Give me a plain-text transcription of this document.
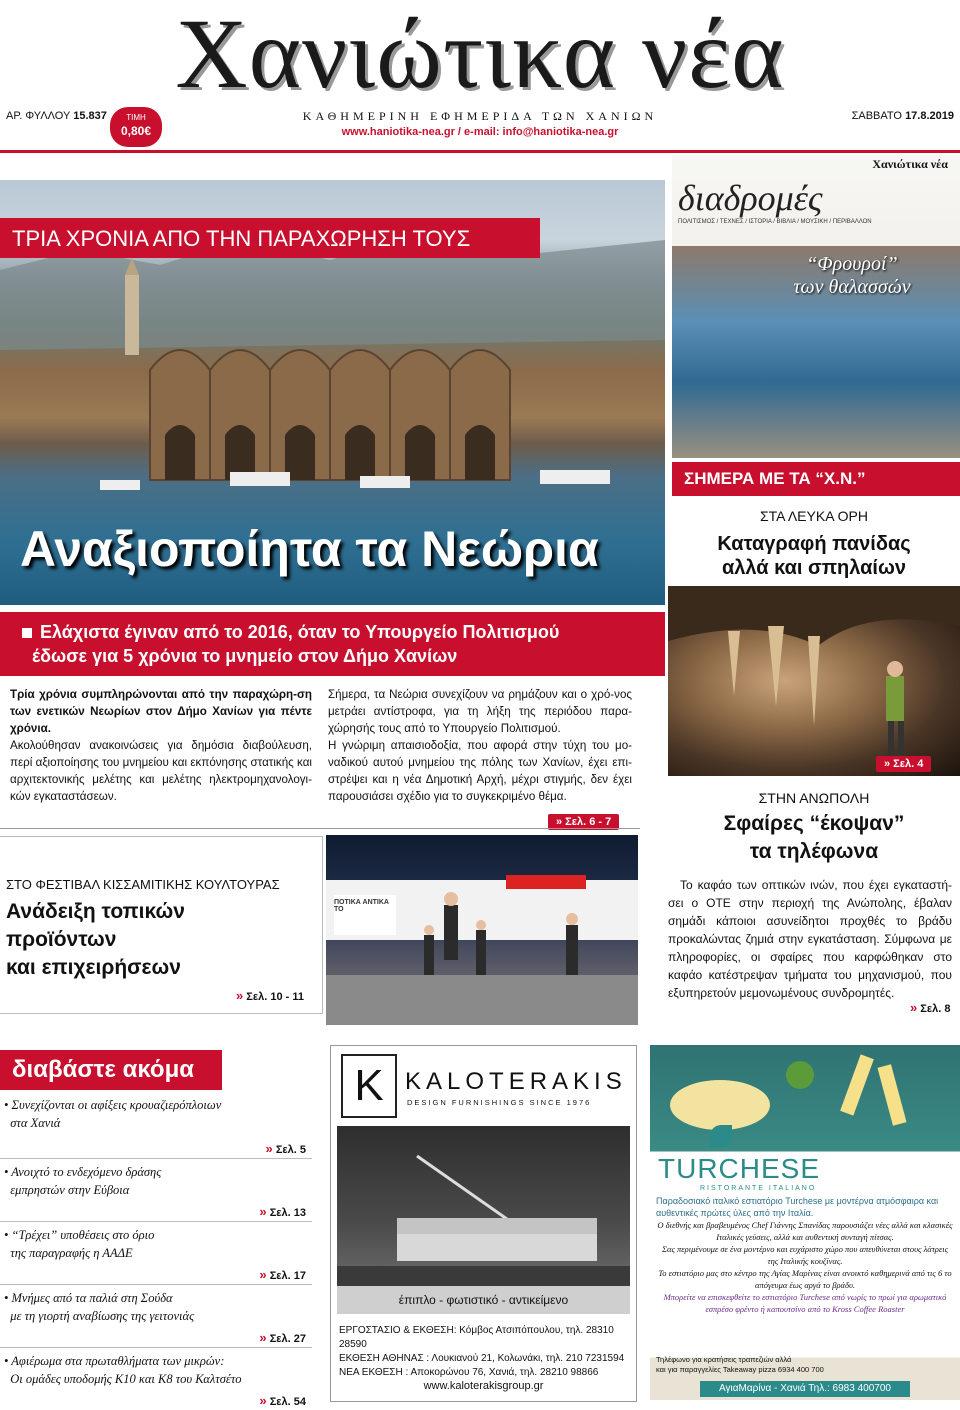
Χανιώτικα νέα
ΑΡ. ΦΥΛΛΟΥ 15.837	ΤΙΜΗ
0,80€
ΚΑΘΗΜΕΡΙΝΗ ΕΦΗΜΕΡΙΔΑ ΤΩΝ ΧΑΝΙΩΝ
www.haniotika-nea.gr / e-mail: info@haniotika-nea.gr
ΣΑΒΒΑΤΟ 17.8.2019
ΤΡΙΑ ΧΡΟΝΙΑ ΑΠΟ ΤΗΝ ΠΑΡΑΧΩΡΗΣΗ ΤΟΥΣ
Αναξιοποίητα τα Νεώρια
Ελάχιστα έγιναν από το 2016, όταν το Υπουργείο Πολιτισμού
έδωσε για 5 χρόνια το μνημείο στον Δήμο Χανίων
Τρία χρόνια συμπληρώνονται από την παραχώρη-ση των ενετικών Νεωρίων στον Δήμο Χανίων για πέντε χρόνια.
Ακολούθησαν ανακοινώσεις για δημόσια διαβούλευση, περί αξιοποίησης του μνημείου και εκπόνησης στατικής και αρχιτεκτονικής μελέτης και μελέτης ηλεκτρομηχανολογι-κών εγκαταστάσεων.
Σήμερα, τα Νεώρια συνεχίζουν να ρημάζουν και ο χρό-νος μετράει αντίστροφα, για τη λήξη της περιόδου παρα-χώρησής τους από το Υπουργείο Πολιτισμού.
Η γνώριμη απαισιοδοξία, που αφορά στην τύχη του μο-ναδικού αυτού μνημείου της πόλης των Χανίων, έχει επι-στρέψει και η νέα Δημοτική Αρχή, μέχρι στιγμής, δεν έχει παρουσιάσει σχέδιο για το συγκεκριμένο θέμα.
» Σελ. 6 - 7
Χανιώτικα νέα
διαδρομές
ΠΟΛΙΤΙΣΜΟΣ / ΤΕΧΝΕΣ / ΙΣΤΟΡΙΑ / ΒΙΒΛΙΑ / ΜΟΥΣΙΚΗ / ΠΕΡΙΒΑΛΛΟΝ
“Φρουροί”
των θαλασσών
ΣΗΜΕΡΑ ΜΕ ΤΑ “Χ.Ν.”
ΣΤΑ ΛΕΥΚΑ ΟΡΗ
Καταγραφή πανίδας
αλλά και σπηλαίων
» Σελ. 4
ΣΤΗΝ ΑΝΩΠΟΛΗ
Σφαίρες “έκοψαν”
τα τηλέφωνα
Το καφάο των οπτικών ινών, που έχει εγκαταστή-σει ο ΟΤΕ στην περιοχή της Ανώπολης, έβαλαν σημάδι κάποιοι ασυνείδητοι προχθές το βράδυ προκαλώντας ζημιά στην εγκατάσταση. Σύμφωνα με πληροφορίες, οι σφαίρες που καρφώθηκαν στο καφάο κατέστρεψαν τμήματα του μηχανισμού, που εξυπηρετούν μεμονωμένους συνδρομητές.
» Σελ. 8
ΣΤΟ ΦΕΣΤΙΒΑΛ ΚΙΣΣΑΜΙΤΙΚΗΣ ΚΟΥΛΤΟΥΡΑΣ
Ανάδειξη τοπικών
προϊόντων
και επιχειρήσεων
» Σελ. 10 - 11
ΠΟΤΙΚΑ ΑΝΤΙΚΑ ΤΟ
διαβάστε ακόμα
• Συνεχίζονται οι αφίξεις κρουαζιερόπλοιων
στα Χανιά
» Σελ. 5
• Ανοιχτό το ενδεχόμενο δράσης
εμπρηστών στην Εύβοια
» Σελ. 13
• “Τρέχει” υποθέσεις στο όριο
της παραγραφής η ΑΑΔΕ
» Σελ. 17
• Μνήμες από τα παλιά στη Σούδα
με τη γιορτή αναβίωσης της γειτονιάς
» Σελ. 27
• Αφιέρωμα στα πρωταθλήματα των μικρών:
Οι ομάδες υποδομής Κ10 και Κ8 του Καλτσέτο
» Σελ. 54
K KALOTERAKIS
DESIGN FURNISHINGS SINCE 1976
έπιπλο - φωτιστικό - αντικείμενο
ΕΡΓΟΣΤΑΣΙΟ & ΕΚΘΕΣΗ: Κόμβος Ατσιπόπουλου, τηλ. 28310 28590
ΕΚΘΕΣΗ ΑΘΗΝΑΣ : Λουκιανού 21, Κολωνάκι, τηλ. 210 7231594
ΝΕΑ ΕΚΘΕΣΗ : Αποκορώνου 76, Χανιά, τηλ. 28210 98866
www.kaloterakisgroup.gr
TURCHESE
RISTORANTE ITALIANO
Παραδοσιακό ιταλικό εστιατόριο Turchese με μοντέρνα ατμόσφαιρα και αυθεντικές πρώτες ύλες από την Ιταλία.
Ο διεθνής και βραβευμένος Chef Γιάννης Σπανίδας παρουσιάζει νέες αλλά και κλασικές Ιταλικές γεύσεις, αλλά και αυθεντική συνταγή πίτσας.
Σας περιμένουμε σε ένα μοντέρνο και ευχάριστο χώρο που απευθύνεται στους λάτρεις της Ιταλικής κουζίνας.
Το εστιατόριο μας στο κέντρο της Αγίας Μαρίνας είναι ανοικτό καθημερινά από τις 6 το απόγευμα έως αργά το βράδυ.
Μπορείτε να επισκεφθείτε το εστιατόριο Turchese από νωρίς το πρωί για αρωματικό εσπρέσο φρέντο ή καπουτσίνο από το Kross Coffee Roaster
Τηλέφωνο για κρατήσεις τραπεζιών αλλά
και για παραγγελίες Takeaway pizza 6934 400 700
ΑγιαΜαρίνα - Χανιά Τηλ.: 6983 400700
